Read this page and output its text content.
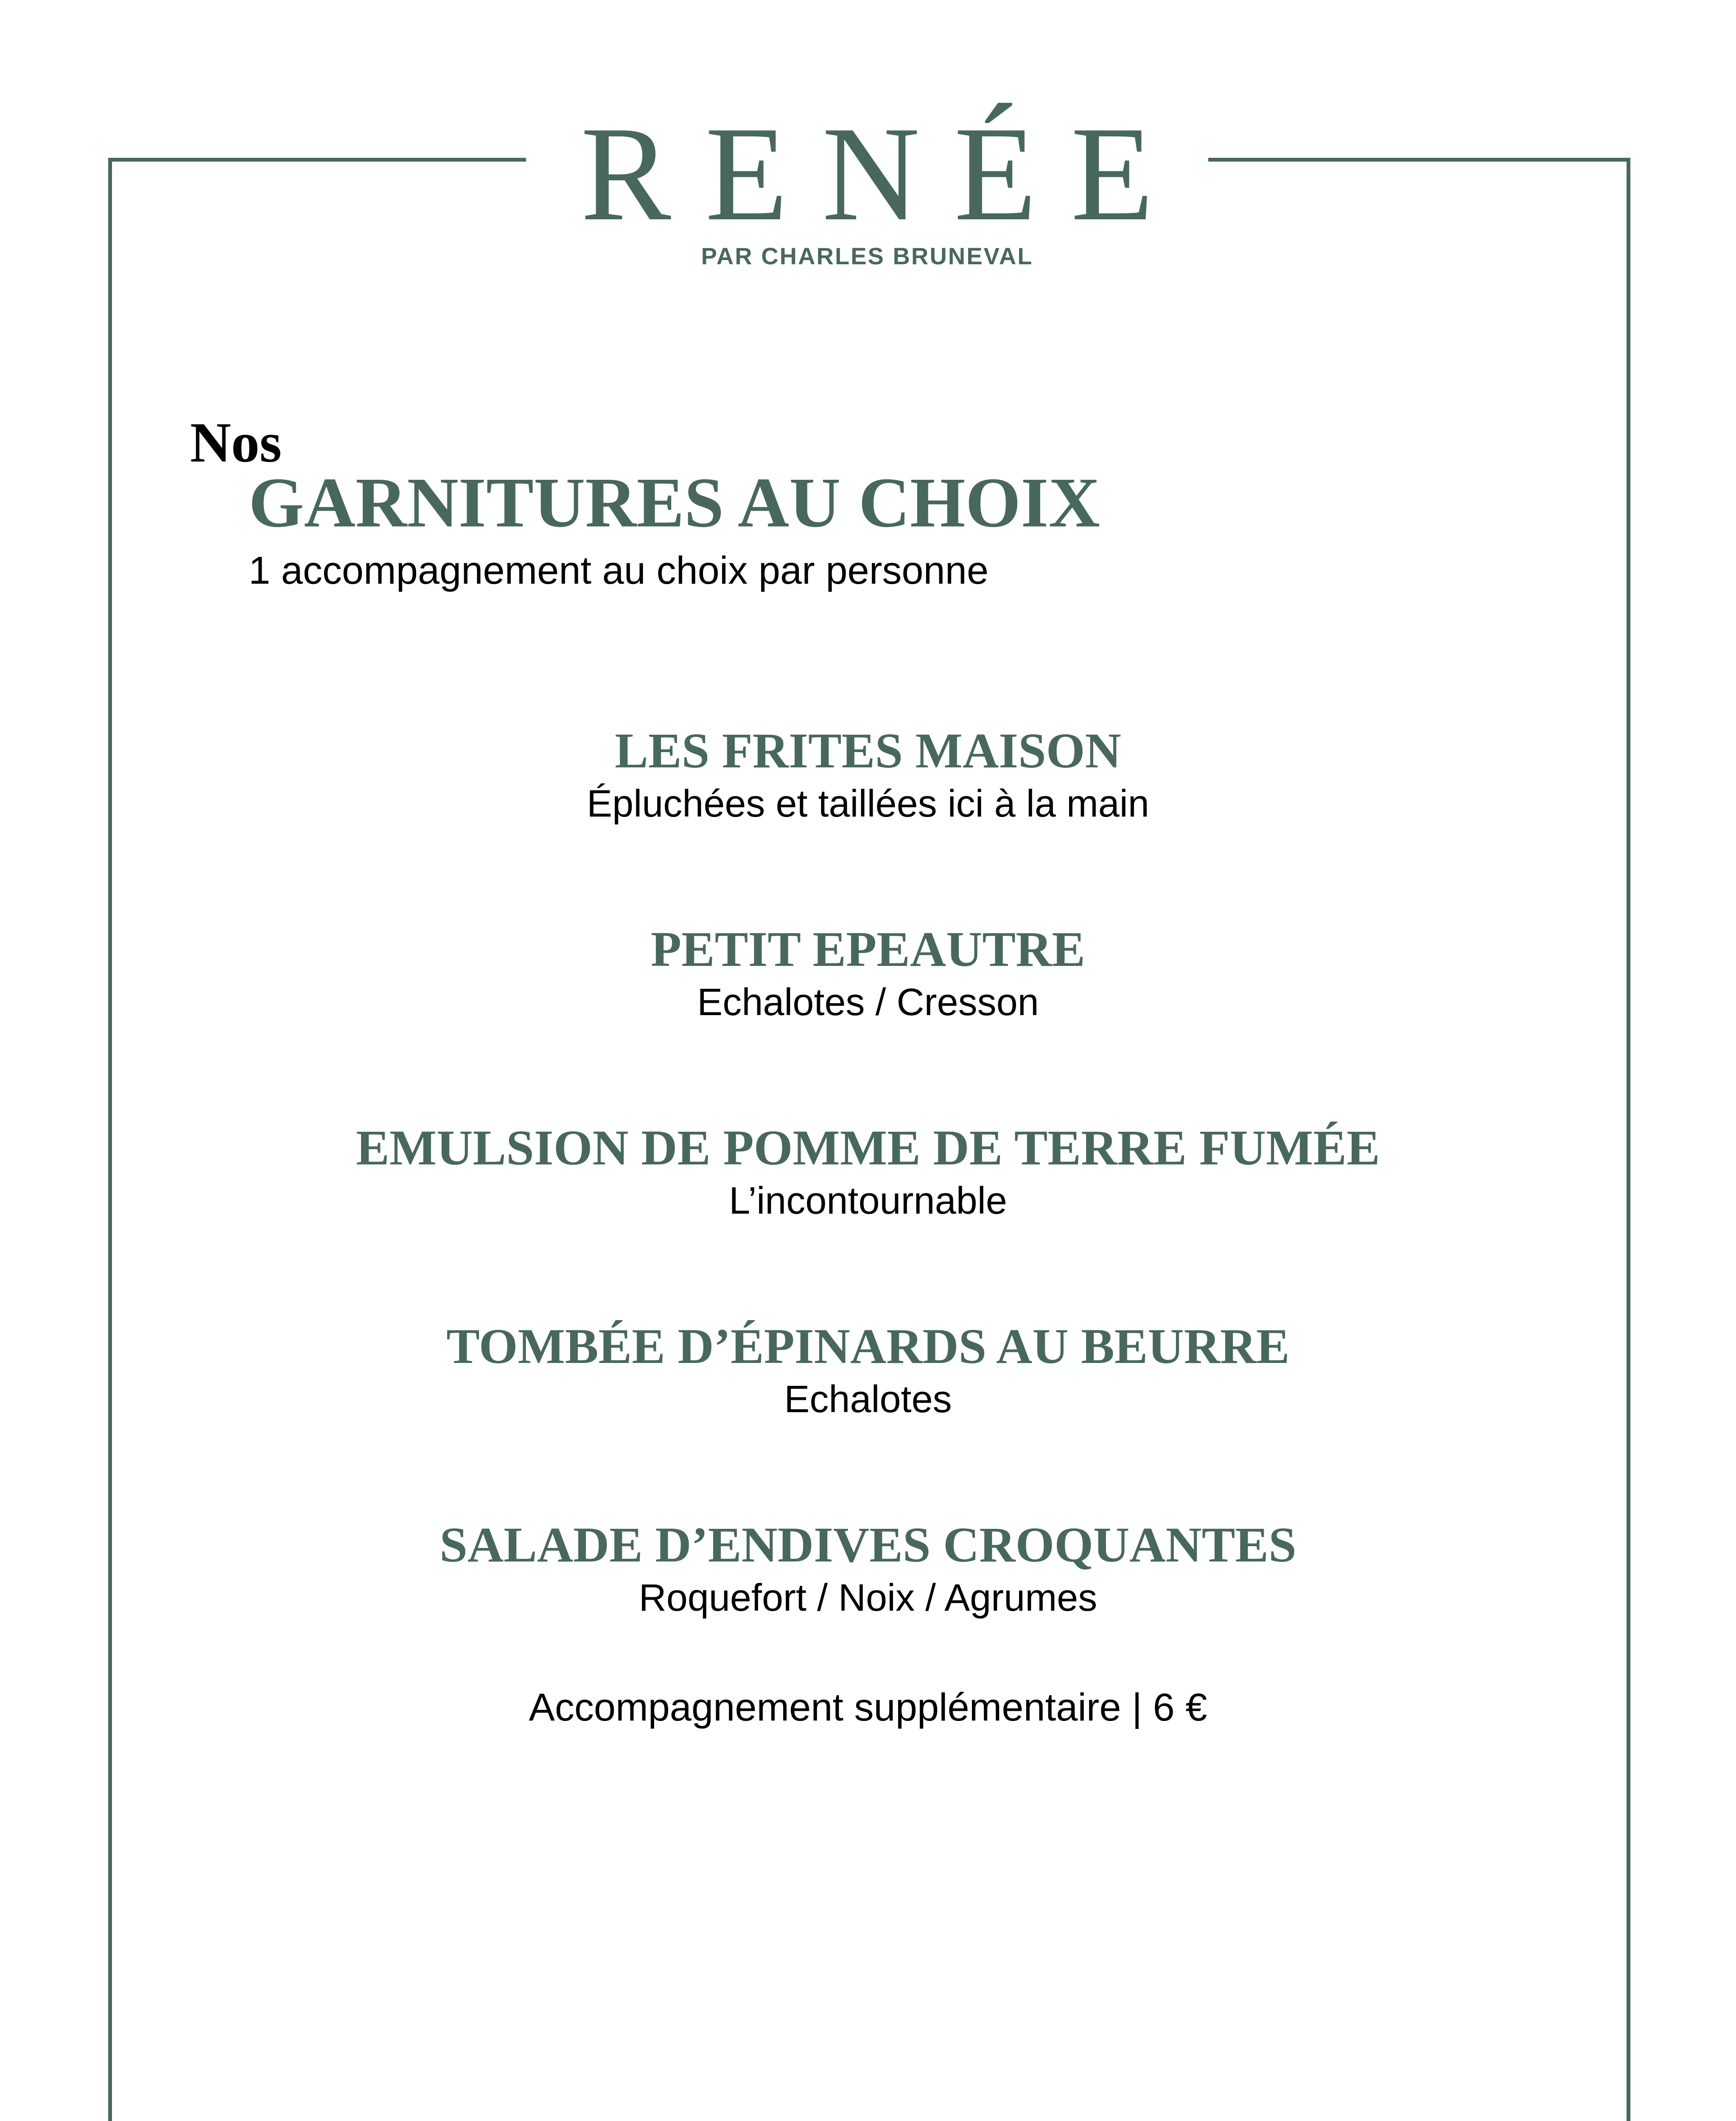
RENÉE
PAR CHARLES BRUNEVAL
Nos
GARNITURES AU CHOIX
1 accompagnement au choix par personne
LES FRITES MAISON
Épluchées et taillées ici à la main
PETIT EPEAUTRE
Echalotes / Cresson
EMULSION DE POMME DE TERRE FUMÉE
L’incontournable
TOMBÉE D’ÉPINARDS AU BEURRE
Echalotes
SALADE D’ENDIVES CROQUANTES
Roquefort / Noix / Agrumes
Accompagnement supplémentaire | 6 €
